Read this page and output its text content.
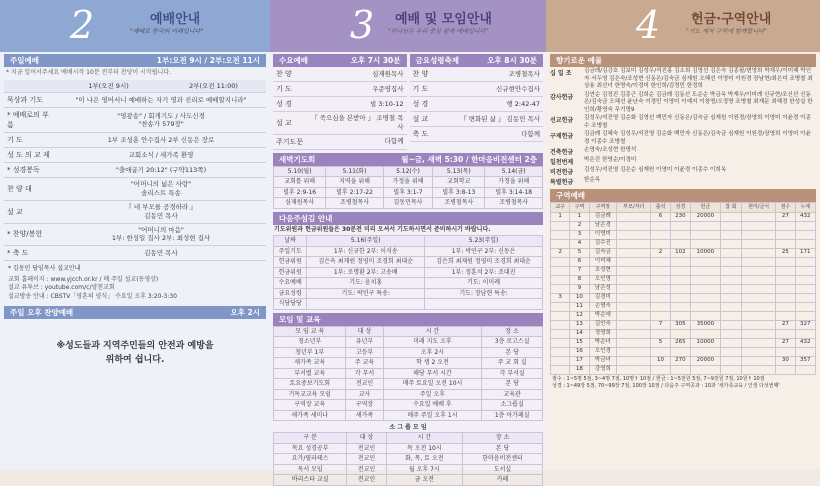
2	예배안내
"예배로 한국의 미래입니다"
주일예배	1부:오전 9시 / 2부:오전 11시
* 지금 일어서주세요 예배시작 10분 전부터 찬양이 시작됩니다.
1부(오전 9시)	2부(오전 11:00)
묵상과 기도	"이 나은 영어서니 예배하는 자기 영과 진리로 예배할지니라"
* 예배로의 부름
"영광송" / 회개기도 / 사도신경
"찬송가 579장"
기 도	1부 조성훈 안수집사 2부 신동은 장로
성 도 의 교 제	교회소식 / 새가족 환영
* 성경봉독	"출애굽기 20:12" (구약113쪽)
찬 양 대
"어머니의 넓은 사랑"
솔리스트 특송
설 교
『 네 부모를 공경하라 』
김동민 목사
* 찬양/봉헌
"어머니의 마음"
1부: 한성일 집사 2부: 최성현 집사
* 축 도	김동민 목사
* 김동민 담임목사 설교안내
교회 홈페이지 : www.yjcch.or.kr / 매 주일 설교(동영상)
설교 유투브 : youtube.com/c/양천교회
설교방송 안내 : CBSTV「영혼의 양식」 수요일 오후 3:20-3:30
주일 오후 찬양예배	오후 2시
※성도들과 지역주민들의 안전과 예방을
위하여 쉽니다.
3 예배 및 모임안내
"하나님은 우리 중심 왕께 예배입니다"
수요예배	오후 7시 30분 금요성령축제	오후 8시 30분
찬 양	심재원목사
기 도	우준영집사
성 경	빌 3:10-12
설 교
『 죽으심을 본받아 』 조병철 목사
주기도문	다함께
찬 양	조병철목사
기 도	신규현안수집사
성 경	행 2:42-47
설 교	『 변화된 삶 』 김동민 목사
축 도	다함께
새벽기도회	월~금, 새벽 5:30 / 한마음비전센터 2층
5.10(월)	5.11(화)	5.12(수)	5.13(목)	5.14(금)
교회를 위해	지역을 위해	가정을 위해	교회학교	가정을 위해
빌후 2:9-16	빌후 2:17-22	빌후 3:1-7	빌후 3:8-13	빌후 3:14-18
심재원목사	조병철목사	김동민목사	조병철목사	조병철목사
다음주섬김 안내
기도위원과 헌금위원들은 30분전 미리 오셔서 기도하시면서 준비하시기 바랍니다.
날짜	5.16(주일)	5.23(주일)
주일기도	1부: 신규한 2부: 이석송	1부: 박민구 2부: 신동은
헌금위원	김은옥 최재원 정영미 조경희 최대순	김은희 최재원 정영미 조경희 최대순
헌금위원	1부: 조명환 2부: 고송배	1부: 정훈석 2부: 조대진
수요예배	기도: 윤치홍	기도: 이미례
금요성령	기도: 박민구 특송:	기도: 장남현 특송:
식당당당		
모임 및 교육
모 임 교 육	대 상	시 간	장 소
청소년부	유년부	미래 지도 오후	3층 로고스실
청년부 1부	고등부	오후 2시	본 당
새가족 교육	주 교육	학 생 2 오전	주 교 회 실
부서별 교육	각 부서	해당 부서 시간	각 부서실
토요중보기도회	전교인	매주 토요일 오전 10시	본 당
기독교교육 모임	교사	주일 오후	교육관
구역장 교육	구역장	수요일 예배 후	소그룹실
새가족 세미나	새가족	매주 주일 오후 1시	1층 아가페실
소 그 룹 모 임
구 분	대 상	시 간	장 소
목요 성경공부	전교인	목 오전 10시	본 당
요가/필라테스	전교인	화, 목, 토 오전	한마음비전센터
독서 모임	전교인	월 오후 7시	도서실
바리스타 교실	전교인	금 오전	카페
4 헌금·구역안내
"기도 제자 구역에 함께합니다"
향기로운 예물
십 일 조	김금례/김강호 김보미 김성우/석진홍 김소희 김영선 김은숙 김종필/변영희 박재우/이미혜 박인자 서두영 김은숙/조성현 신동은/김숙금 심재원 오혜선 이영미 이원경 장남현/최은미 조병철 최상용 최선녀 한명숙/이정미 한인희/김정민 한정희
감사헌금	김연순 김정진 김종근 김희순 김금례 김동선 도순순 박금옥 박재우/이미례 신규현/조신선 신동은/김숙금 오혜선 윤난숙 이경민 이영미 이예지 이창명/오정명 조병철 최재문 최혜경 한성실 한인희/황영숙 무기명9
선교헌금	김성우/석진영 김순화 김영선 백민자 신동은/김숙금 심재원 이원경/장영희 이영미 이윤경 이종수 조병철
구제헌금	김금례 김혜숙 김성우/석진영 김순화 백민자 신동은/김숙금 심재원 이원경/장영희 이영미 이윤경 이종수 조병철
건축헌금	손영숙/조성현 한명석
일천번제	박은진 한영순/이정미
비전헌금	김성우/석진영 김은순 심재원 이영미 이윤경 이종수 이희옥
특별헌금	한순옥
구역예배
교구	구역	구역장	부모/자녀	출석	성경	헌금	참 회	현미/금식	점수	누계
1	1	김금례		6	230	20000			27	432
	2	남은경								
	3	이영미								
	4	김수진								
2	5	김숙금		2	102	10000			25	171
	6	이미혜								
	7	조성현								
	8	오인영								
	9	남은성								
3	10	김경미								
	11	손명숙								
	12	박순애								
	13	김인숙		7	305	35000			27	327
	14	정영희								
	15	박순녀		5	265	10000			27	432
	16	오인경								
	17	박금녀		10	270	20000			30	357
	18	강영희								
점수 : 1~5명 5점, 3~4명 7점, 10명↑ 10점 / 현금 : 1~5천원 5점, 7~9천원 7점, 10원↑ 10점
성경 : 1~49장 5점, 70~99장 7점, 100장 10점 / 다음주 구역공과 : 10과 '새가족교육 / 인생 다섯번째'
